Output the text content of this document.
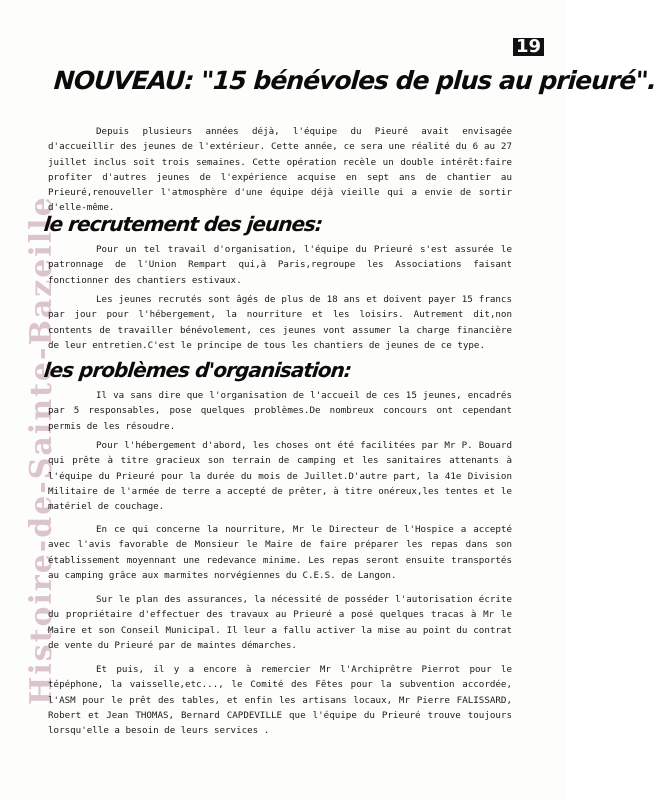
Histoire-de-Sainte-Bazeille
19
NOUVEAU: "15 bénévoles de plus au prieuré".

Depuis plusieurs années déjà, l'équipe du Pieuré avait envisagée d'accueillir des jeunes de l'extérieur. Cette année, ce sera une réalité du 6 au 27 juillet inclus soit trois semaines. Cette opération recèle un double intérêt:faire profiter d'autres jeunes de l'expérience acquise en sept ans de chantier au Prieuré,renouveller l'atmosphère d'une équipe déjà vieille qui a envie de sortir d'elle-même.

le recrutement des jeunes:

Pour un tel travail d'organisation, l'équipe du Prieuré s'est assurée le patronnage de l'Union Rempart qui,à Paris,regroupe les Associations faisant fonctionner des chantiers estivaux.

Les jeunes recrutés sont âgés de plus de 18 ans et doivent payer 15 francs par jour pour l'hébergement, la nourriture et les loisirs. Autrement dit,non contents de travailler bénévolement, ces jeunes vont assumer la charge financière de leur entretien.C'est le principe de tous les chantiers de jeunes de ce type.

les problèmes d'organisation:

Il va sans dire que l'organisation de l'accueil de ces 15 jeunes, encadrés par 5 responsables, pose quelques problèmes.De nombreux concours ont cependant permis de les résoudre.

Pour l'hébergement d'abord, les choses ont été facilitées par Mr P. Bouard qui prête à titre gracieux son terrain de camping et les sanitaires attenants à l'équipe du Prieuré pour la durée du mois de Juillet.D'autre part, la 41e Division Militaire de l'armée de terre a accepté de prêter, à titre onéreux,les tentes et le matériel de couchage.

En ce qui concerne la nourriture, Mr le Directeur de l'Hospice a accepté avec l'avis favorable de Monsieur le Maire de faire préparer les repas dans son établissement moyennant une redevance minime. Les repas seront ensuite transportés au camping grâce aux marmites norvégiennes du C.E.S. de Langon.

Sur le plan des assurances, la nécessité de posséder l'autorisation écrite du propriétaire d'effectuer des travaux au Prieuré a posé quelques tracas à Mr le Maire et son Conseil Municipal. Il leur a fallu activer la mise au point du contrat de vente du Prieuré par de maintes démarches.

Et puis, il y a encore à remercier Mr l'Archiprêtre Pierrot pour le tépéphone, la vaisselle,etc..., le Comité des Fêtes pour la subvention accordée, l'ASM pour le prêt des tables, et enfin les artisans locaux, Mr Pierre FALISSARD, Robert et Jean THOMAS, Bernard CAPDEVILLE que l'équipe du Prieuré trouve toujours lorsqu'elle a besoin de leurs services .
